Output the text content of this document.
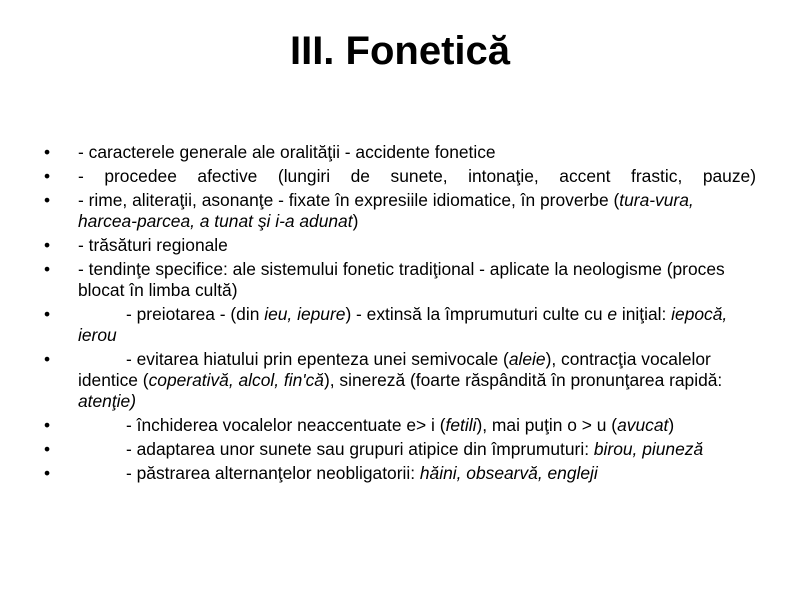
III. Fonetică
•	- caracterele generale ale oralităţii - accidente fonetice
•	- procedee afective (lungiri de sunete, intonaţie, accent frastic, pauze)
•	- rime, aliteraţii, asonanţe - fixate în expresiile idiomatice, în proverbe (tura-vura, harcea-parcea, a tunat şi i-a adunat)
•	- trăsături regionale
•	- tendinţe specifice: ale sistemului fonetic tradiţional - aplicate la neologisme (proces blocat în limba cultă)
•	- preiotarea - (din ieu, iepure) - extinsă la împrumuturi culte cu e iniţial: iepocă, ierou
•	- evitarea hiatului prin epenteza unei semivocale (aleie), contracţia vocalelor identice (coperativă, alcol, fin'că), sinereză (foarte răspândită în pronunţarea rapidă: atenţie)
•	- închiderea vocalelor neaccentuate e> i (fetili), mai puţin o > u (avucat)
•	- adaptarea unor sunete sau grupuri atipice din împrumuturi: birou, piuneză
•	- păstrarea alternanţelor neobligatorii: hăini, obsearvă, engleji
